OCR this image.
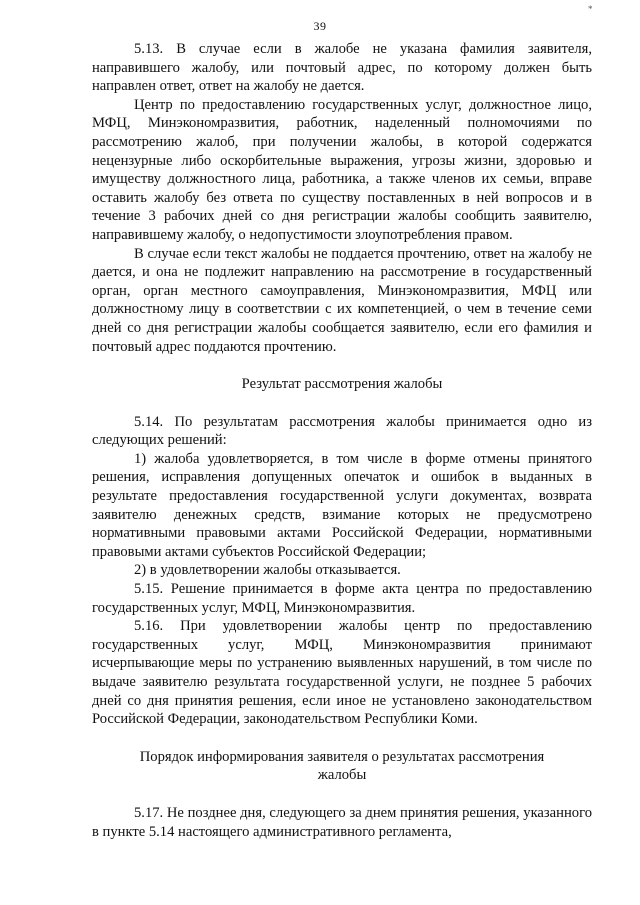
*
39

5.13. В случае если в жалобе не указана фамилия заявителя, направившего жалобу, или почтовый адрес, по которому должен быть направлен ответ, ответ на жалобу не дается.

Центр по предоставлению государственных услуг, должностное лицо, МФЦ, Минэкономразвития, работник, наделенный полномочиями по рассмотрению жалоб, при получении жалобы, в которой содержатся нецензурные либо оскорбительные выражения, угрозы жизни, здоровью и имуществу должностного лица, работника, а также членов их семьи, вправе оставить жалобу без ответа по существу поставленных в ней вопросов и в течение 3 рабочих дней со дня регистрации жалобы сообщить заявителю, направившему жалобу, о недопустимости злоупотребления правом.

В случае если текст жалобы не поддается прочтению, ответ на жалобу не дается, и она не подлежит направлению на рассмотрение в государственный орган, орган местного самоуправления, Минэкономразвития, МФЦ или должностному лицу в соответствии с их компетенцией, о чем в течение семи дней со дня регистрации жалобы сообщается заявителю, если его фамилия и почтовый адрес поддаются прочтению.

Результат рассмотрения жалобы

5.14. По результатам рассмотрения жалобы принимается одно из следующих решений:

1) жалоба удовлетворяется, в том числе в форме отмены принятого решения, исправления допущенных опечаток и ошибок в выданных в результате предоставления государственной услуги документах, возврата заявителю денежных средств, взимание которых не предусмотрено нормативными правовыми актами Российской Федерации, нормативными правовыми актами субъектов Российской Федерации;

2) в удовлетворении жалобы отказывается.

5.15. Решение принимается в форме акта центра по предоставлению государственных услуг, МФЦ, Минэкономразвития.

5.16. При удовлетворении жалобы центр по предоставлению государственных услуг, МФЦ, Минэкономразвития принимают исчерпывающие меры по устранению выявленных нарушений, в том числе по выдаче заявителю результата государственной услуги, не позднее 5 рабочих дней со дня принятия решения, если иное не установлено законодательством Российской Федерации, законодательством Республики Коми.

Порядок информирования заявителя о результатах рассмотрения жалобы

5.17. Не позднее дня, следующего за днем принятия решения, указанного в пункте 5.14 настоящего административного регламента,
